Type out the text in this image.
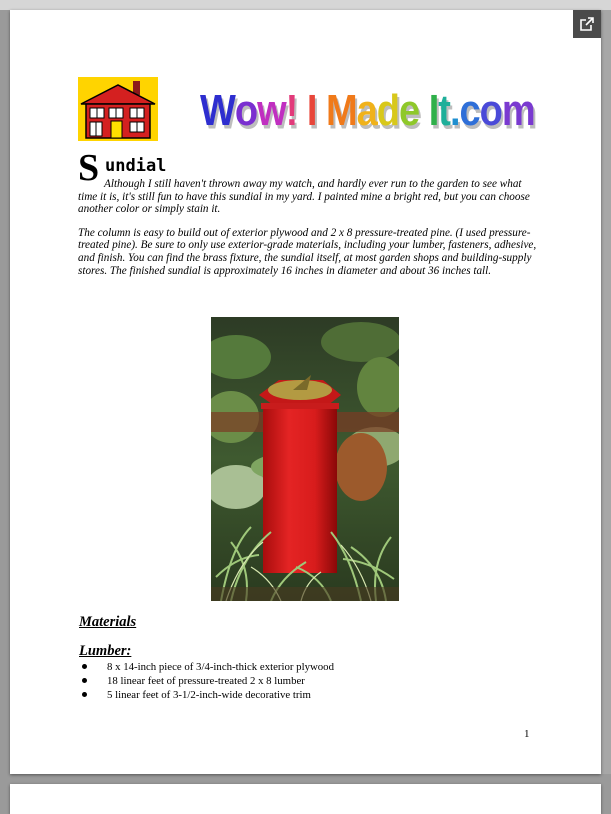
Wow! I Made It.com
S undial

Although I still haven't thrown away my watch, and hardly ever run to the garden to see what time it is, it's still fun to have this sundial in my yard. I painted mine a bright red, but you can choose another color or simply stain it.

The column is easy to build out of exterior plywood and 2 x 8 pressure-treated pine. (I used pressure-treated pine). Be sure to only use exterior-grade materials, including your lumber, fasteners, adhesive, and finish. You can find the brass fixture, the sundial itself, at most garden shops and building-supply stores. The finished sundial is approximately 16 inches in diameter and about 36 inches tall.

Materials
Lumber:
8 x 14-inch piece of 3/4-inch-thick exterior plywood
18 linear feet of pressure-treated 2 x 8 lumber
5 linear feet of 3-1/2-inch-wide decorative trim
1
